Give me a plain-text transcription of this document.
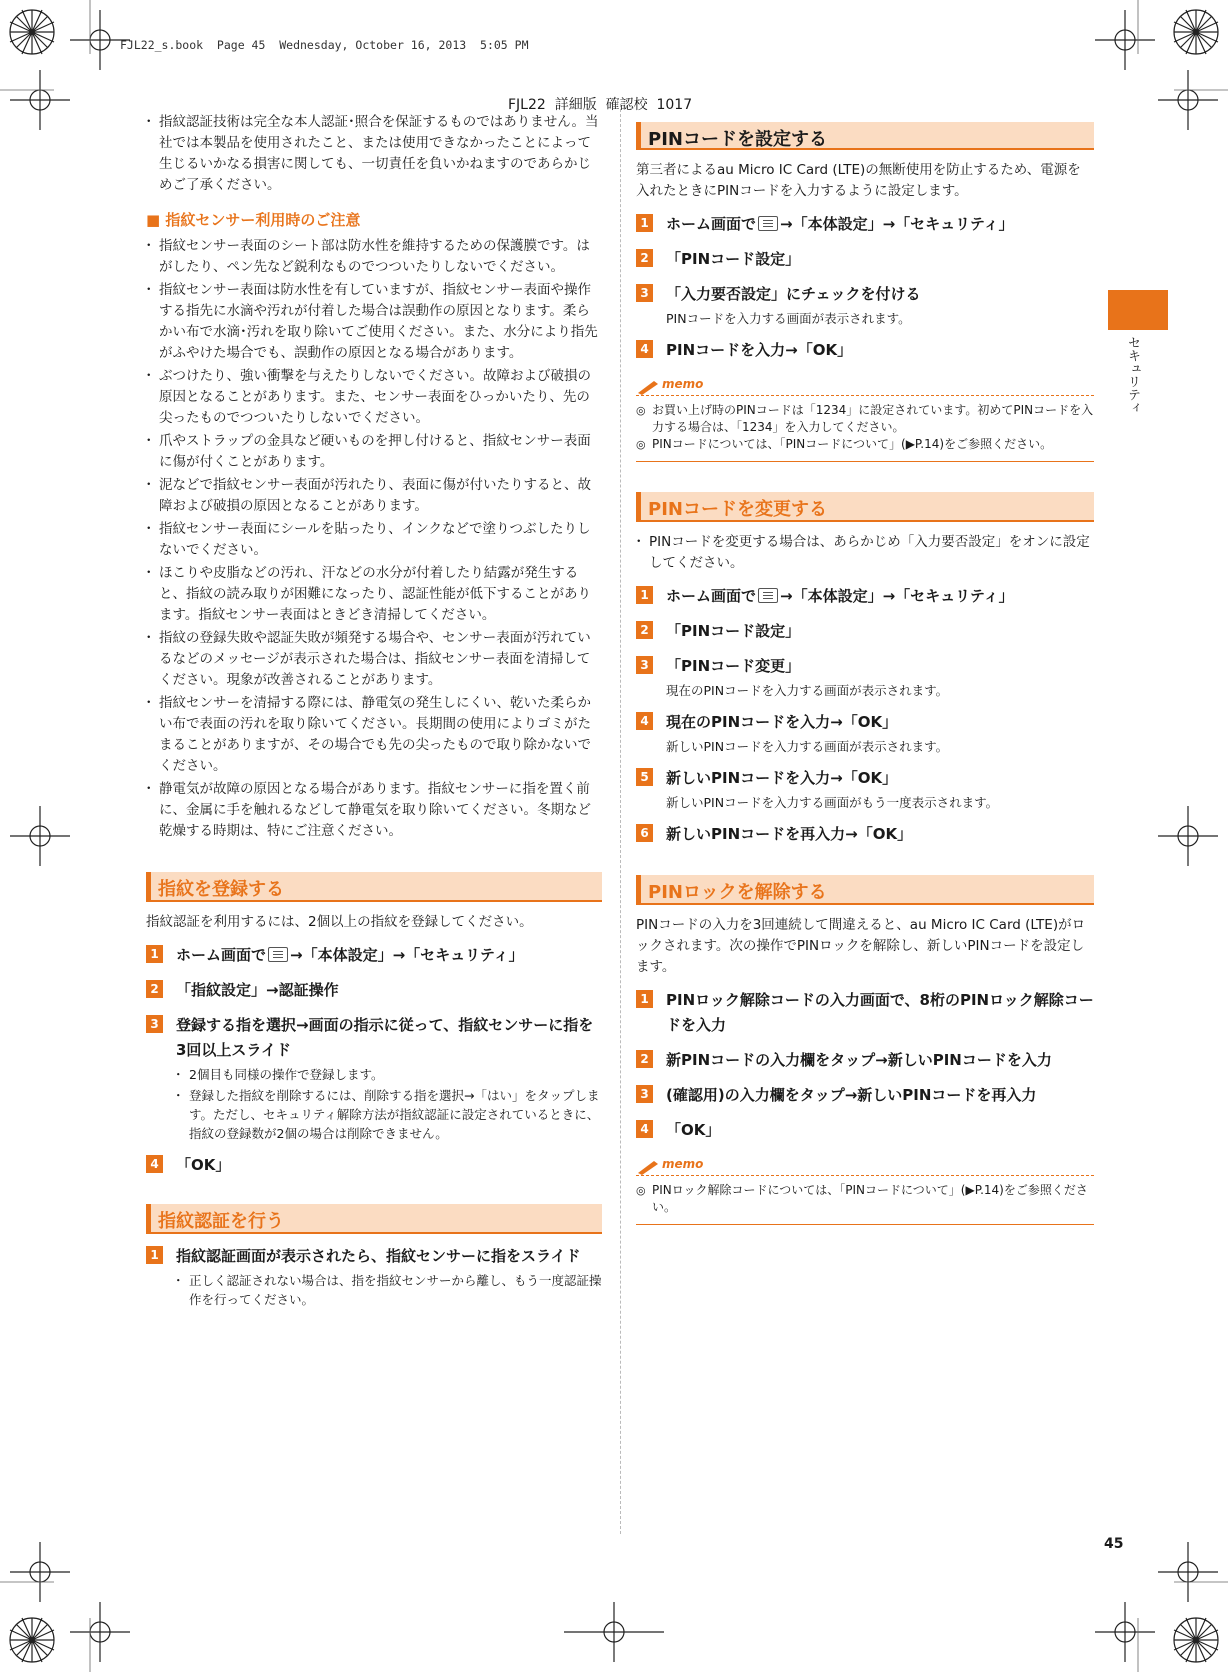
FJL22_s.book  Page 45  Wednesday, October 16, 2013  5:05 PM
FJL22  詳細版  確認校  1017
セキュリティ
・ 指紋認証技術は完全な本人認証･照合を保証するものではありません。当社では本製品を使用されたこと、または使用できなかったことによって生じるいかなる損害に関しても、一切責任を負いかねますのであらかじめご了承ください。
■ 指紋センサー利用時のご注意
・ 指紋センサー表面のシート部は防水性を維持するための保護膜です。はがしたり、ペン先など鋭利なものでつついたりしないでください。
・ 指紋センサー表面は防水性を有していますが、指紋センサー表面や操作する指先に水滴や汚れが付着した場合は誤動作の原因となります。柔らかい布で水滴･汚れを取り除いてご使用ください。また、水分により指先がふやけた場合でも、誤動作の原因となる場合があります。
・ ぶつけたり、強い衝撃を与えたりしないでください。故障および破損の原因となることがあります。また、センサー表面をひっかいたり、先の尖ったものでつついたりしないでください。
・ 爪やストラップの金具など硬いものを押し付けると、指紋センサー表面に傷が付くことがあります。
・ 泥などで指紋センサー表面が汚れたり、表面に傷が付いたりすると、故障および破損の原因となることがあります。
・ 指紋センサー表面にシールを貼ったり、インクなどで塗りつぶしたりしないでください。
・ ほこりや皮脂などの汚れ、汗などの水分が付着したり結露が発生すると、指紋の読み取りが困難になったり、認証性能が低下することがあります。指紋センサー表面はときどき清掃してください。
・ 指紋の登録失敗や認証失敗が頻発する場合や、センサー表面が汚れているなどのメッセージが表示された場合は、指紋センサー表面を清掃してください。現象が改善されることがあります。
・ 指紋センサーを清掃する際には、静電気の発生しにくい、乾いた柔らかい布で表面の汚れを取り除いてください。長期間の使用によりゴミがたまることがありますが、その場合でも先の尖ったもので取り除かないでください。
・ 静電気が故障の原因となる場合があります。指紋センサーに指を置く前に、金属に手を触れるなどして静電気を取り除いてください。冬期など乾燥する時期は、特にご注意ください。
指紋を登録する

指紋認証を利用するには、2個以上の指紋を登録してください。

1 ホーム画面で →「本体設定」→「セキュリティ」
2 「指紋設定」→認証操作
3 登録する指を選択→画面の指示に従って、指紋センサーに指を3回以上スライド
・ 2個目も同様の操作で登録します。
・ 登録した指紋を削除するには、削除する指を選択→「はい」をタップします。ただし、セキュリティ解除方法が指紋認証に設定されているときに、指紋の登録数が2個の場合は削除できません。
4 「OK」
指紋認証を行う
1 指紋認証画面が表示されたら、指紋センサーに指をスライド
・ 正しく認証されない場合は、指を指紋センサーから離し、もう一度認証操作を行ってください。
PINコードを設定する

第三者によるau Micro IC Card (LTE)の無断使用を防止するため、電源を入れたときにPINコードを入力するように設定します。

1 ホーム画面で →「本体設定」→「セキュリティ」
2 「PINコード設定」
3 「入力要否設定」にチェックを付ける
PINコードを入力する画面が表示されます。
4 PINコードを入力→「OK」
memo
◎ お買い上げ時のPINコードは「1234」に設定されています。初めてPINコードを入力する場合は、「1234」を入力してください。
◎ PINコードについては、「PINコードについて」(▶P.14)をご参照ください。
PINコードを変更する
・ PINコードを変更する場合は、あらかじめ「入力要否設定」をオンに設定してください。
1 ホーム画面で →「本体設定」→「セキュリティ」
2 「PINコード設定」
3 「PINコード変更」
現在のPINコードを入力する画面が表示されます。
4 現在のPINコードを入力→「OK」
新しいPINコードを入力する画面が表示されます。
5 新しいPINコードを入力→「OK」
新しいPINコードを入力する画面がもう一度表示されます。
6 新しいPINコードを再入力→「OK」
PINロックを解除する

PINコードの入力を3回連続して間違えると、au Micro IC Card (LTE)がロックされます。次の操作でPINロックを解除し、新しいPINコードを設定します。

1 PINロック解除コードの入力画面で、8桁のPINロック解除コードを入力
2 新PINコードの入力欄をタップ→新しいPINコードを入力
3 (確認用)の入力欄をタップ→新しいPINコードを再入力
4 「OK」
memo
◎ PINロック解除コードについては、「PINコードについて」(▶P.14)をご参照ください。
45
